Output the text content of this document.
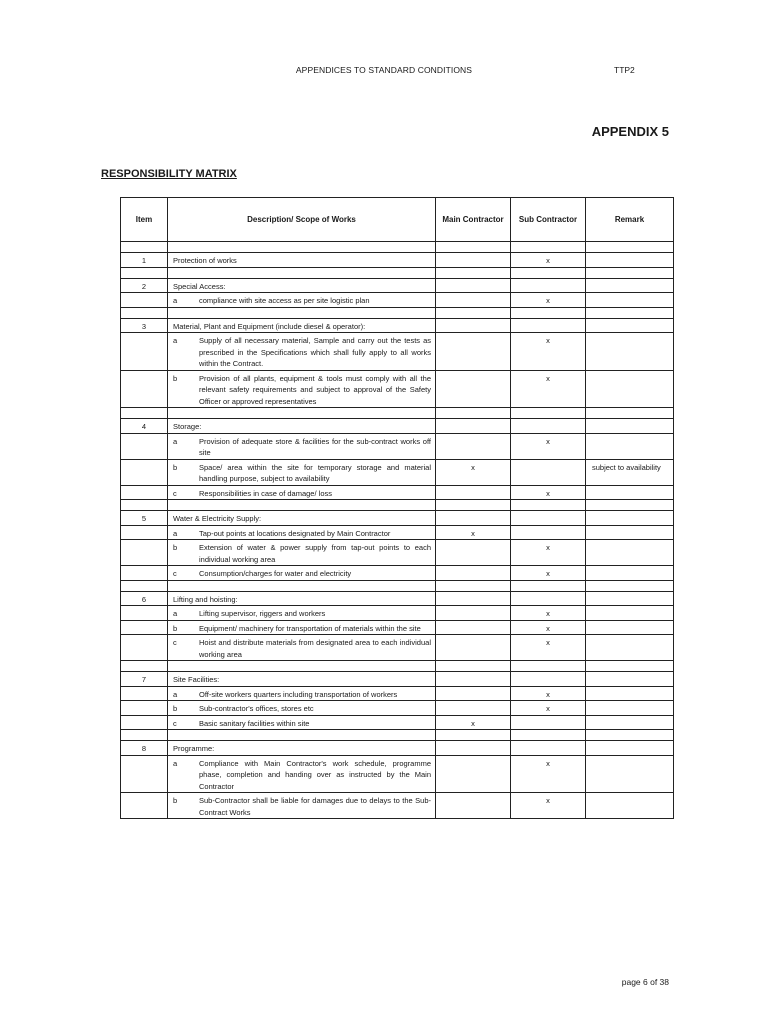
APPENDICES TO STANDARD CONDITIONS	TTP2
APPENDIX 5
RESPONSIBILITY MATRIX
Item	Description/ Scope of Works	Main Contractor	Sub Contractor	Remark

1	Protection of works		x	

2	Special Access:			

	a compliance with site access as per site logistic plan		x	

3	Material, Plant and Equipment (include diesel & operator):			

	a Supply of all necessary material, Sample and carry out the tests as prescribed in the Specifications which shall fully apply to all works within the Contract.		x	

	b Provision of all plants, equipment & tools must comply with all the relevant safety requirements and subject to approval of the Safety Officer or approved representatives		x	

4	Storage:			

	a Provision of adequate store & facilities for the sub-contract works off site		x	

	b Space/ area within the site for temporary storage and material handling purpose, subject to availability	x		subject to availability

	c Responsibilities in case of damage/ loss		x	

5	Water & Electricity Supply:			

	a Tap-out points at locations designated by Main Contractor	x		

	b Extension of water & power supply from tap-out points to each individual working area		x	

	c Consumption/charges for water and electricity		x	

6	Lifting and hoisting:			

	a Lifting supervisor, riggers and workers		x	

	b Equipment/ machinery for transportation of materials within the site		x	

	c Hoist and distribute materials from designated area to each individual working area		x	

7	Site Facilities:			

	a Off-site workers quarters including transportation of workers		x	

	b Sub-contractor's offices, stores etc		x	

	c Basic sanitary facilities within site	x		

8	Programme:			

	a Compliance with Main Contractor's work schedule, programme phase, completion and handing over as instructed by the Main Contractor		x	

	b Sub-Contractor shall be liable for damages due to delays to the Sub-Contract Works		x	
page 6 of 38
